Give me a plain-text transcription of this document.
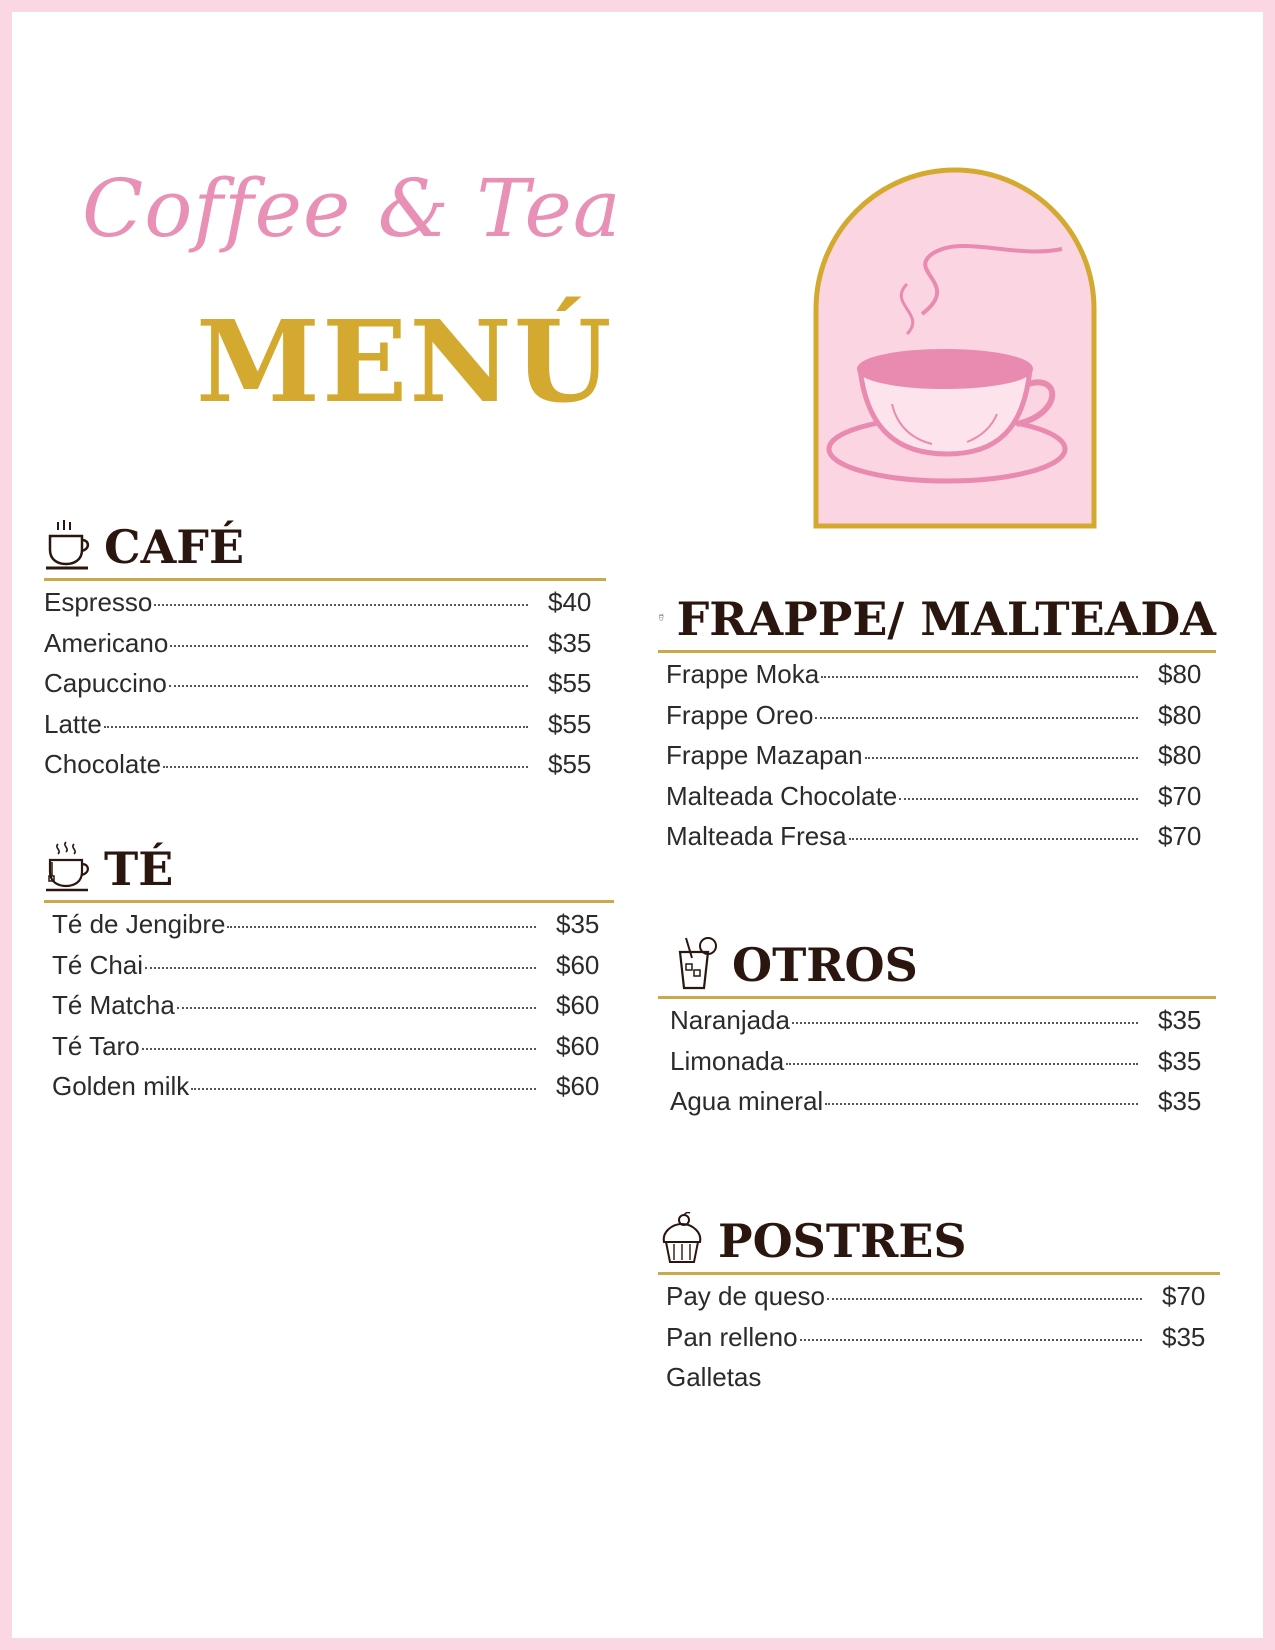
Coffee & Tea
MENÚ
CAFÉ
Espresso	$40
Americano	$35
Capuccino	$55
Latte	$55
Chocolate	$55
TÉ
Té de Jengibre	$35
Té Chai	$60
Té Matcha	$60
Té Taro	$60
Golden milk	$60
FRAPPE/ MALTEADA
Frappe Moka	$80
Frappe Oreo	$80
Frappe Mazapan	$80
Malteada Chocolate	$70
Malteada Fresa	$70
OTROS
Naranjada	$35
Limonada	$35
Agua mineral	$35
POSTRES
Pay de queso	$70
Pan relleno	$35
Galletas
